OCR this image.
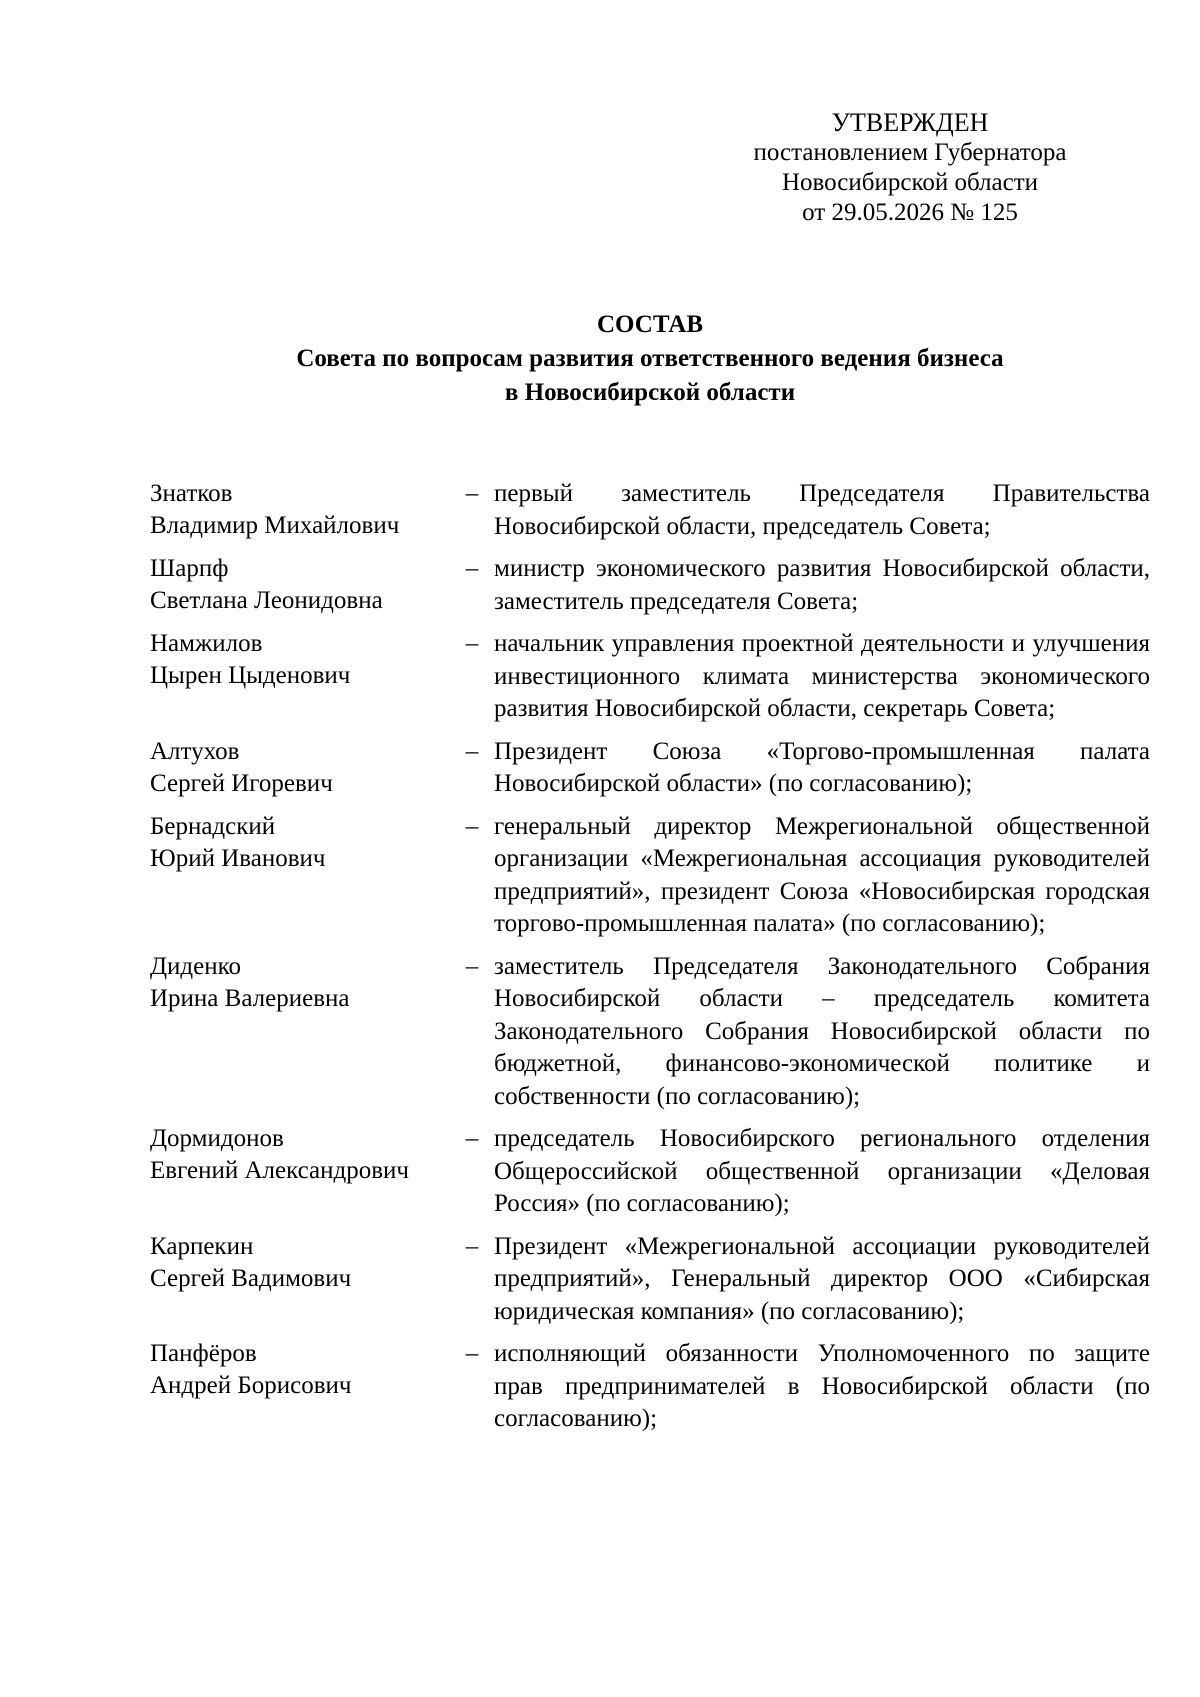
УТВЕРЖДЕН
постановлением Губернатора
Новосибирской области
от 29.05.2026 № 125
СОСТАВ
Совета по вопросам развития ответственного ведения бизнеса
в Новосибирской области
Знатков
Владимир Михайлович
– первый заместитель Председателя Правительства Новосибирской области, председатель Совета;
Шарпф
Светлана Леонидовна
– министр экономического развития Новосибирской области, заместитель председателя Совета;
Намжилов
Цырен Цыденович
– начальник управления проектной деятельности и улучшения инвестиционного климата министерства экономического развития Новосибирской области, секретарь Совета;
Алтухов
Сергей Игоревич
– Президент Союза «Торгово-промышленная палата Новосибирской области» (по согласованию);
Бернадский
Юрий Иванович
– генеральный директор Межрегиональной общественной организации «Межрегиональная ассоциация руководителей предприятий», президент Союза «Новосибирская городская торгово-промышленная палата» (по согласованию);
Диденко
Ирина Валериевна
– заместитель Председателя Законодательного Собрания Новосибирской области – председатель комитета Законодательного Собрания Новосибирской области по бюджетной, финансово-экономической политике и собственности (по согласованию);
Дормидонов
Евгений Александрович
– председатель Новосибирского регионального отделения Общероссийской общественной организации «Деловая Россия» (по согласованию);
Карпекин
Сергей Вадимович
– Президент «Межрегиональной ассоциации руководителей предприятий», Генеральный директор ООО «Сибирская юридическая компания» (по согласованию);
Панфёров
Андрей Борисович
– исполняющий обязанности Уполномоченного по защите прав предпринимателей в Новосибирской области (по согласованию);
